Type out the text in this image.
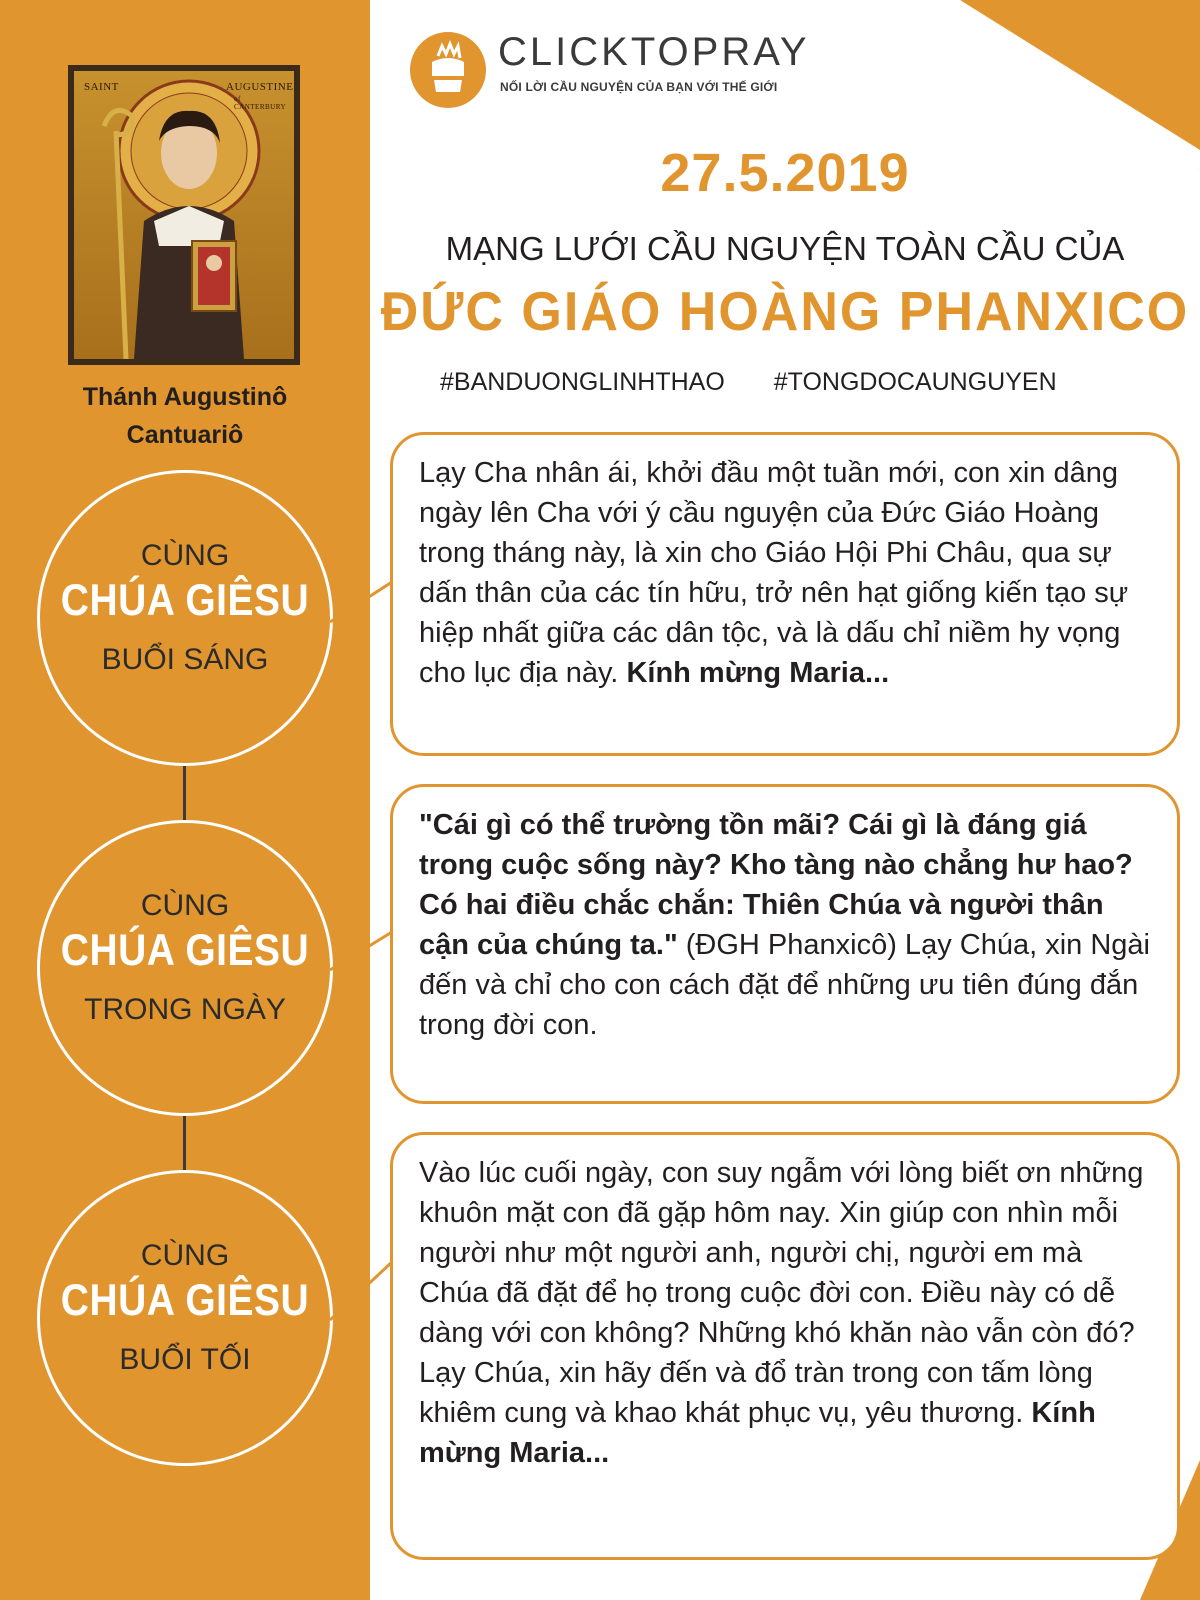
SAINT	AUGUSTINE
of CANTERBURY
Thánh Augustinô
Cantuariô
CÙNG
CHÚA GIÊSU
BUỔI SÁNG
CÙNG
CHÚA GIÊSU
TRONG NGÀY
CÙNG
CHÚA GIÊSU
BUỔI TỐI
CLICKTOPRAY
NỐI LỜI CẦU NGUYỆN CỦA BẠN VỚI THẾ GIỚI
27.5.2019
MẠNG LƯỚI CẦU NGUYỆN TOÀN CẦU CỦA
ĐỨC GIÁO HOÀNG PHANXICO
#BANDUONGLINHTHAO #TONGDOCAUNGUYEN
Lạy Cha nhân ái, khởi đầu một tuần mới, con xin dâng ngày lên Cha với ý cầu nguyện của Đức Giáo Hoàng trong tháng này, là xin cho Giáo Hội Phi Châu, qua sự dấn thân của các tín hữu, trở nên hạt giống kiến tạo sự hiệp nhất giữa các dân tộc, và là dấu chỉ niềm hy vọng cho lục địa này. Kính mừng Maria...
"Cái gì có thể trường tồn mãi? Cái gì là đáng giá trong cuộc sống này? Kho tàng nào chẳng hư hao? Có hai điều chắc chắn: Thiên Chúa và người thân cận của chúng ta." (ĐGH Phanxicô) Lạy Chúa, xin Ngài đến và chỉ cho con cách đặt để những ưu tiên đúng đắn trong đời con.
Vào lúc cuối ngày, con suy ngẫm với lòng biết ơn những khuôn mặt con đã gặp hôm nay. Xin giúp con nhìn mỗi người như một người anh, người chị, người em mà Chúa đã đặt để họ trong cuộc đời con. Điều này có dễ dàng với con không? Những khó khăn nào vẫn còn đó? Lạy Chúa, xin hãy đến và đổ tràn trong con tấm lòng khiêm cung và khao khát phục vụ, yêu thương. Kính mừng Maria...
